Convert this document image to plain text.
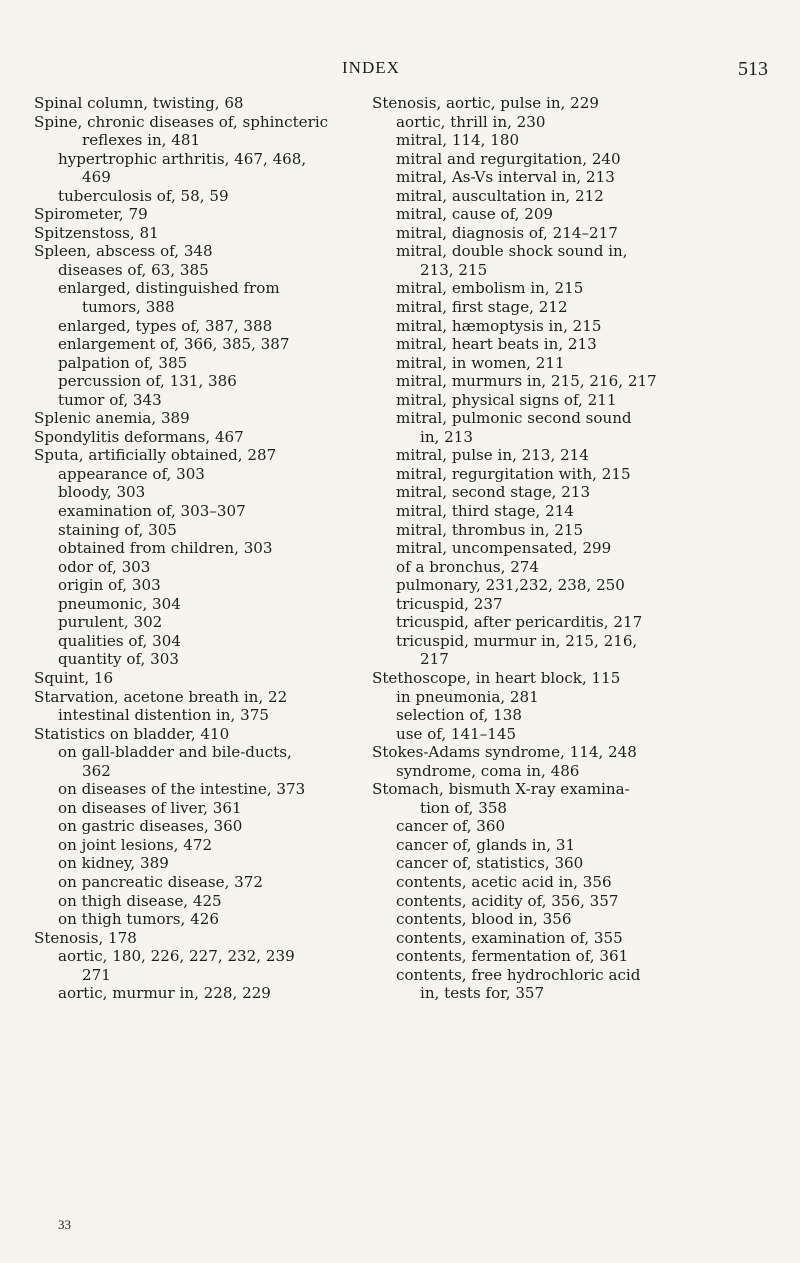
INDEX	513
Spinal column, twisting, 68
Spine, chronic diseases of, sphincteric
reflexes in, 481
hypertrophic arthritis, 467, 468,
469
tuberculosis of, 58, 59
Spirometer, 79
Spitzenstoss, 81
Spleen, abscess of, 348
diseases of, 63, 385
enlarged, distinguished from
tumors, 388
enlarged, types of, 387, 388
enlargement of, 366, 385, 387
palpation of, 385
percussion of, 131, 386
tumor of, 343
Splenic anemia, 389
Spondylitis deformans, 467
Sputa, artificially obtained, 287
appearance of, 303
bloody, 303
examination of, 303–307
staining of, 305
obtained from children, 303
odor of, 303
origin of, 303
pneumonic, 304
purulent, 302
qualities of, 304
quantity of, 303
Squint, 16
Starvation, acetone breath in, 22
intestinal distention in, 375
Statistics on bladder, 410
on gall-bladder and bile-ducts,
362
on diseases of the intestine, 373
on diseases of liver, 361
on gastric diseases, 360
on joint lesions, 472
on kidney, 389
on pancreatic disease, 372
on thigh disease, 425
on thigh tumors, 426
Stenosis, 178
aortic, 180, 226, 227, 232, 239
271
aortic, murmur in, 228, 229
Stenosis, aortic, pulse in, 229
aortic, thrill in, 230
mitral, 114, 180
mitral and regurgitation, 240
mitral, As-Vs interval in, 213
mitral, auscultation in, 212
mitral, cause of, 209
mitral, diagnosis of, 214–217
mitral, double shock sound in,
213, 215
mitral, embolism in, 215
mitral, first stage, 212
mitral, hæmoptysis in, 215
mitral, heart beats in, 213
mitral, in women, 211
mitral, murmurs in, 215, 216, 217
mitral, physical signs of, 211
mitral, pulmonic second sound
in, 213
mitral, pulse in, 213, 214
mitral, regurgitation with, 215
mitral, second stage, 213
mitral, third stage, 214
mitral, thrombus in, 215
mitral, uncompensated, 299
of a bronchus, 274
pulmonary, 231,232, 238, 250
tricuspid, 237
tricuspid, after pericarditis, 217
tricuspid, murmur in, 215, 216,
217
Stethoscope, in heart block, 115
in pneumonia, 281
selection of, 138
use of, 141–145
Stokes-Adams syndrome, 114, 248
syndrome, coma in, 486
Stomach, bismuth X-ray examina-
tion of, 358
cancer of, 360
cancer of, glands in, 31
cancer of, statistics, 360
contents, acetic acid in, 356
contents, acidity of, 356, 357
contents, blood in, 356
contents, examination of, 355
contents, fermentation of, 361
contents, free hydrochloric acid
in, tests for, 357
33
